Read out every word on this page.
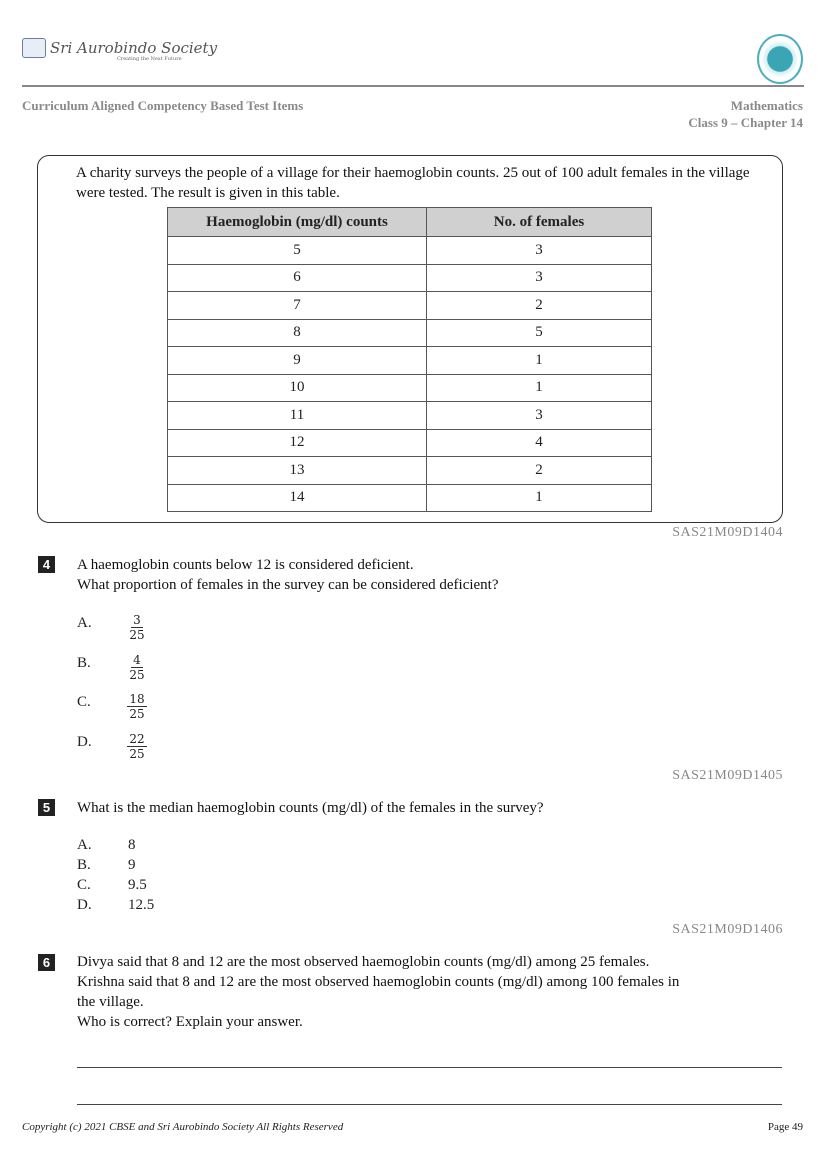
Sri Aurobindo Society
Creating the Next Future
Curriculum Aligned Competency Based Test Items	Mathematics
Class 9 – Chapter 14
A charity surveys the people of a village for their haemoglobin counts. 25 out of 100 adult females in the village were tested. The result is given in this table.
Haemoglobin (mg/dl) counts	No. of females
5	3
6	3
7	2
8	5
9	1
10	1
11	3
12	4
13	2
14	1
SAS21M09D1404
4	A haemoglobin counts below 12 is considered deficient.
What proportion of females in the survey can be considered deficient?
A.	$\frac{3}{25}$
B.	$\frac{4}{25}$
C.	$\frac{18}{25}$
D.	$\frac{22}{25}$
SAS21M09D1405
5	What is the median haemoglobin counts (mg/dl) of the females in the survey?
A. 8
B. 9
C. 9.5
D. 12.5
SAS21M09D1406
6	Divya said that 8 and 12 are the most observed haemoglobin counts (mg/dl) among 25 females.
Krishna said that 8 and 12 are the most observed haemoglobin counts (mg/dl) among 100 females in
the village.
Who is correct? Explain your answer.
Copyright (c) 2021 CBSE and Sri Aurobindo Society All Rights Reserved	Page 49
